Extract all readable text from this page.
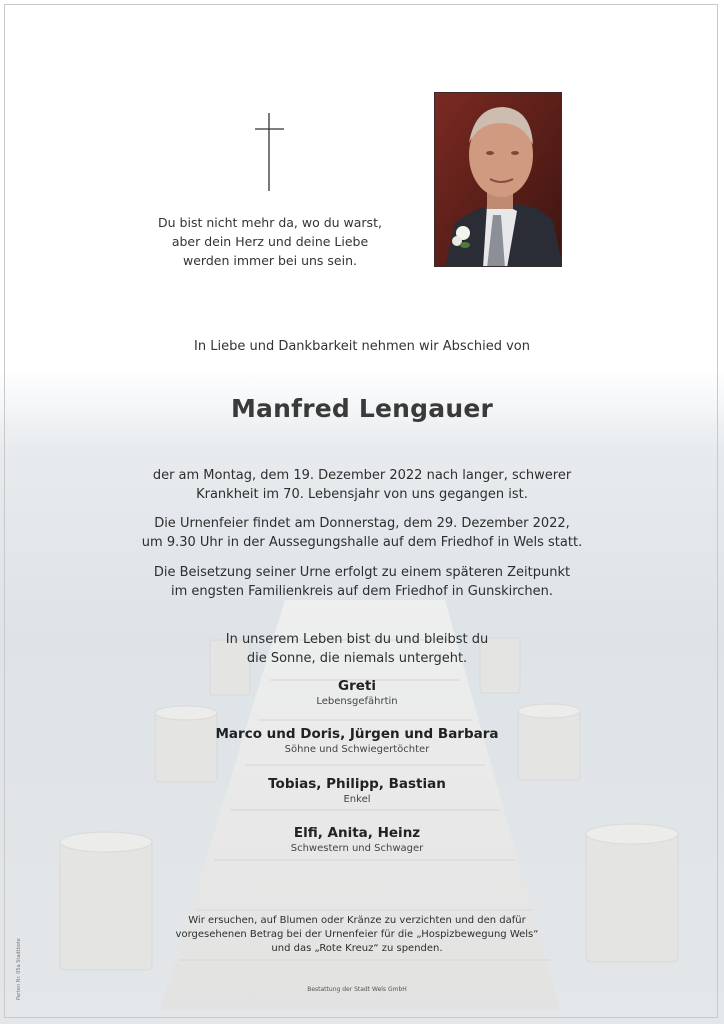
Du bist nicht mehr da, wo du warst,
aber dein Herz und deine Liebe
werden immer bei uns sein.
In Liebe und Dankbarkeit nehmen wir Abschied von
Manfred Lengauer
der am Montag, dem 19. Dezember 2022 nach langer, schwerer
Krankheit im 70. Lebensjahr von uns gegangen ist.
Die Urnenfeier findet am Donnerstag, dem 29. Dezember 2022,
um 9.30 Uhr in der Aussegungshalle auf dem Friedhof in Wels statt.
Die Beisetzung seiner Urne erfolgt zu einem späteren Zeitpunkt
im engsten Familienkreis auf dem Friedhof in Gunskirchen.
In unserem Leben bist du und bleibst du
die Sonne, die niemals untergeht.
Greti
Lebensgefährtin
Marco und Doris, Jürgen und Barbara
Söhne und Schwiegertöchter
Tobias, Philipp, Bastian
Enkel
Elfi, Anita, Heinz
Schwestern und Schwager
Wir ersuchen, auf Blumen oder Kränze zu verzichten und den dafür
vorgesehenen Betrag bei der Urnenfeier für die „Hospizbewegung Wels“
und das „Rote Kreuz“ zu spenden.
Bestattung der Stadt Wels GmbH
Parten Nr. 05a Stadtbote
